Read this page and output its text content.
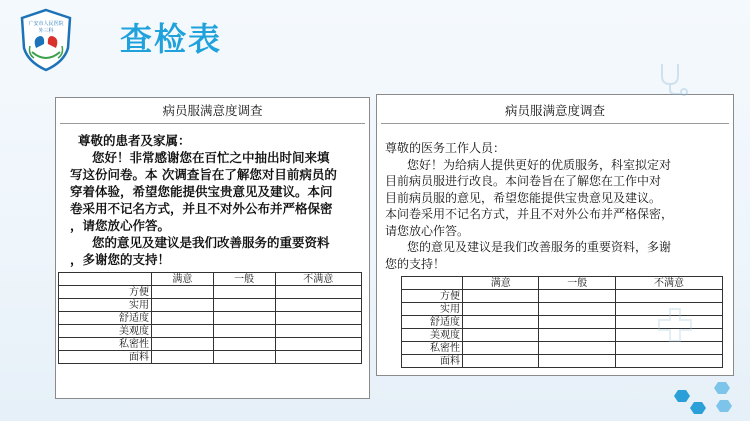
广安市人民医院
外三科 查检表
病员服满意度调查
尊敬的患者及家属：
您好！非常感谢您在百忙之中抽出时间来填
写这份问卷。本 次调查旨在了解您对目前病员的
穿着体验，希望您能提供宝贵意见及建议。本问
卷采用不记名方式，并且不对外公布并严格保密
，请您放心作答。
您的意见及建议是我们改善服务的重要资料
，多谢您的支持！
	满意	一般	不满意
方便			
实用			
舒适度			
美观度			
私密性			
面料			
病员服满意度调查
尊敬的医务工作人员：
您好！为给病人提供更好的优质服务，科室拟定对
目前病员服进行改良。本问卷旨在了解您在工作中对
目前病员服的意见，希望您能提供宝贵意见及建议。
本问卷采用不记名方式，并且不对外公布并严格保密，
请您放心作答。
您的意见及建议是我们改善服务的重要资料，多谢
您的支持！
	满意	一般	不满意
方便			
实用			
舒适度			
美观度			
私密性			
面料			
